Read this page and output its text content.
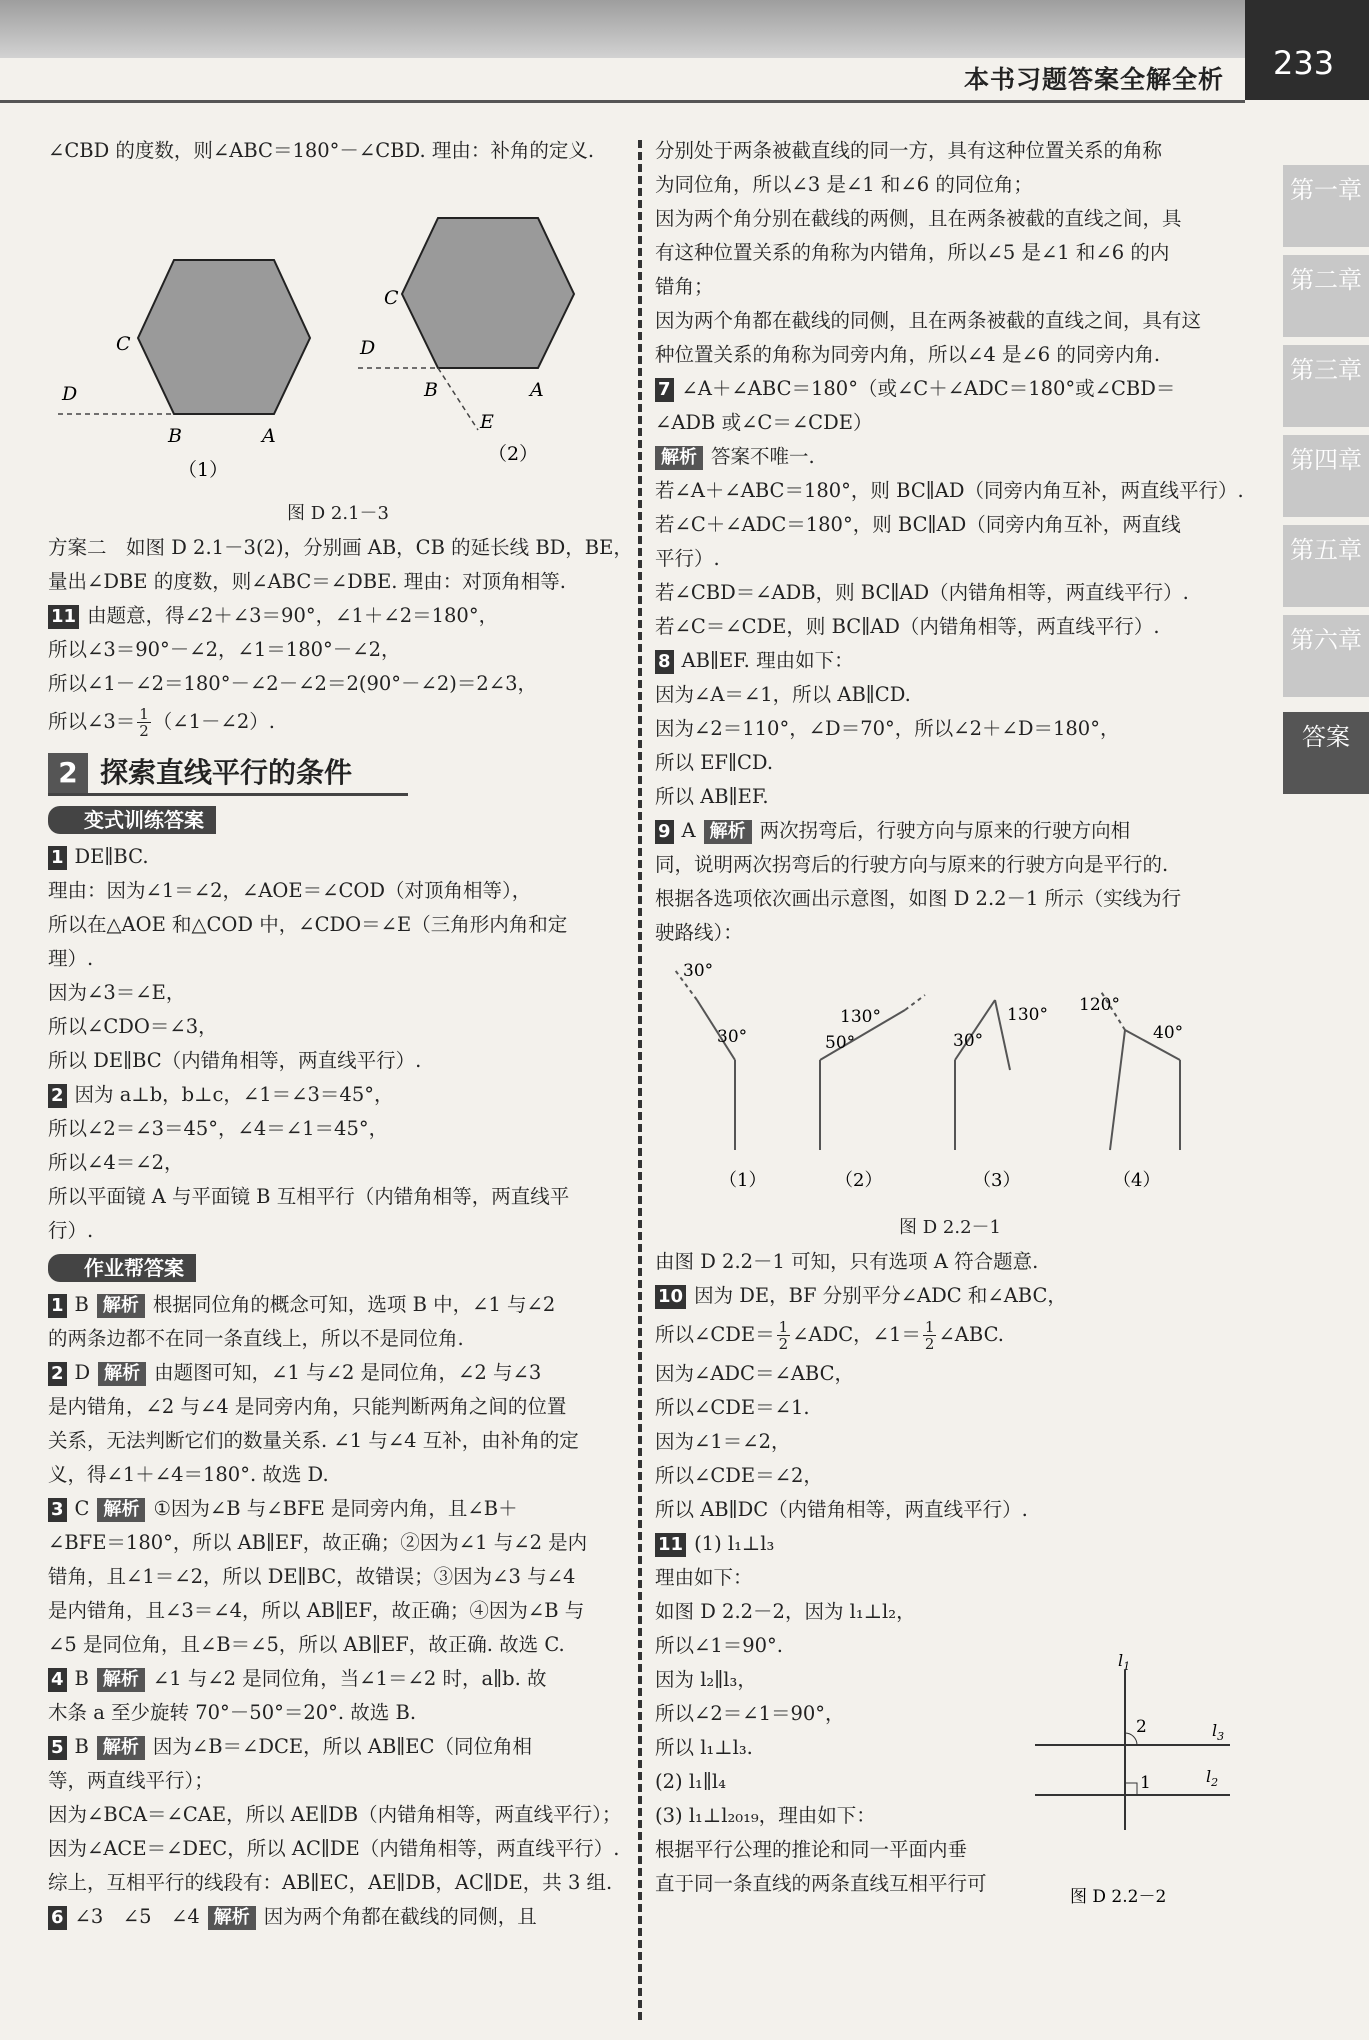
本书习题答案全解全析 233
第一章
第二章
第三章
第四章
第五章
第六章
答案

∠CBD 的度数，则∠ABC＝180°－∠CBD. 理由：补角的定义.

B	A
C
D
（1）
B	A
C
D
E
（2）

图 D 2.1－3

方案二　如图 D 2.1－3(2)，分别画 AB，CB 的延长线 BD，BE，

量出∠DBE 的度数，则∠ABC＝∠DBE. 理由：对顶角相等.

11 由题意，得∠2＋∠3＝90°，∠1＋∠2＝180°，

所以∠3＝90°－∠2，∠1＝180°－∠2，

所以∠1－∠2＝180°－∠2－∠2＝2(90°－∠2)＝2∠3，

所以∠3＝ $\frac{1}{2}$ （∠1－∠2）.

2 探索直线平行的条件
变式训练答案

1 DE∥BC.

理由：因为∠1＝∠2，∠AOE＝∠COD（对顶角相等），

所以在△AOE 和△COD 中，∠CDO＝∠E（三角形内角和定

理）.

因为∠3＝∠E，

所以∠CDO＝∠3，

所以 DE∥BC（内错角相等，两直线平行）.

2 因为 a⊥b，b⊥c，∠1＝∠3＝45°，

所以∠2＝∠3＝45°，∠4＝∠1＝45°，

所以∠4＝∠2，

所以平面镜 A 与平面镜 B 互相平行（内错角相等，两直线平

行）.

作业帮答案

1 B 解析 根据同位角的概念可知，选项 B 中，∠1 与∠2

的两条边都不在同一条直线上，所以不是同位角.

2 D 解析 由题图可知，∠1 与∠2 是同位角，∠2 与∠3

是内错角，∠2 与∠4 是同旁内角，只能判断两角之间的位置

关系，无法判断它们的数量关系. ∠1 与∠4 互补，由补角的定

义，得∠1＋∠4＝180°. 故选 D.

3 C 解析 ①因为∠B 与∠BFE 是同旁内角，且∠B＋

∠BFE＝180°，所以 AB∥EF，故正确；②因为∠1 与∠2 是内

错角，且∠1＝∠2，所以 DE∥BC，故错误；③因为∠3 与∠4

是内错角，且∠3＝∠4，所以 AB∥EF，故正确；④因为∠B 与

∠5 是同位角，且∠B＝∠5，所以 AB∥EF，故正确. 故选 C.

4 B 解析 ∠1 与∠2 是同位角，当∠1＝∠2 时，a∥b. 故

木条 a 至少旋转 70°－50°＝20°. 故选 B.

5 B 解析 因为∠B＝∠DCE，所以 AB∥EC（同位角相

等，两直线平行）；

因为∠BCA＝∠CAE，所以 AE∥DB（内错角相等，两直线平行）；

因为∠ACE＝∠DEC，所以 AC∥DE（内错角相等，两直线平行）.

综上，互相平行的线段有：AB∥EC，AE∥DB，AC∥DE，共 3 组.

6 ∠3　∠5　∠4 解析 因为两个角都在截线的同侧，且

分别处于两条被截直线的同一方，具有这种位置关系的角称

为同位角，所以∠3 是∠1 和∠6 的同位角；

因为两个角分别在截线的两侧，且在两条被截的直线之间，具

有这种位置关系的角称为内错角，所以∠5 是∠1 和∠6 的内

错角；

因为两个角都在截线的同侧，且在两条被截的直线之间，具有这

种位置关系的角称为同旁内角，所以∠4 是∠6 的同旁内角.

7 ∠A＋∠ABC＝180°（或∠C＋∠ADC＝180°或∠CBD＝

∠ADB 或∠C＝∠CDE）

解析 答案不唯一.

若∠A＋∠ABC＝180°，则 BC∥AD（同旁内角互补，两直线平行）.

若∠C＋∠ADC＝180°，则 BC∥AD（同旁内角互补，两直线

平行）.

若∠CBD＝∠ADB，则 BC∥AD（内错角相等，两直线平行）.

若∠C＝∠CDE，则 BC∥AD（内错角相等，两直线平行）.

8 AB∥EF. 理由如下：

因为∠A＝∠1，所以 AB∥CD.

因为∠2＝110°，∠D＝70°，所以∠2＋∠D＝180°，

所以 EF∥CD.

所以 AB∥EF.

9 A 解析 两次拐弯后，行驶方向与原来的行驶方向相

同，说明两次拐弯后的行驶方向与原来的行驶方向是平行的.

根据各选项依次画出示意图，如图 D 2.2－1 所示（实线为行

驶路线）：

30°
30°
130°
50°	30°
130° 120°
40°
（1）	（2）	（3）	（4）

图 D 2.2－1

由图 D 2.2－1 可知，只有选项 A 符合题意.

10 因为 DE，BF 分别平分∠ADC 和∠ABC，

所以∠CDE＝ $\frac{1}{2}$ ∠ADC，∠1＝ $\frac{1}{2}$ ∠ABC.

因为∠ADC＝∠ABC，

所以∠CDE＝∠1.

因为∠1＝∠2，

所以∠CDE＝∠2，

所以 AB∥DC（内错角相等，两直线平行）.

11 (1) l₁⊥l₃

理由如下：

如图 D 2.2－2，因为 l₁⊥l₂，

所以∠1＝90°.

因为 l₂∥l₃，

所以∠2＝∠1＝90°，

所以 l₁⊥l₃.

(2) l₁∥l₄

(3) l₁⊥l₂₀₁₉，理由如下：

根据平行公理的推论和同一平面内垂

直于同一条直线的两条直线互相平行可

$l_1$
$l_3$
$l_2$
2
1
图 D 2.2－2
